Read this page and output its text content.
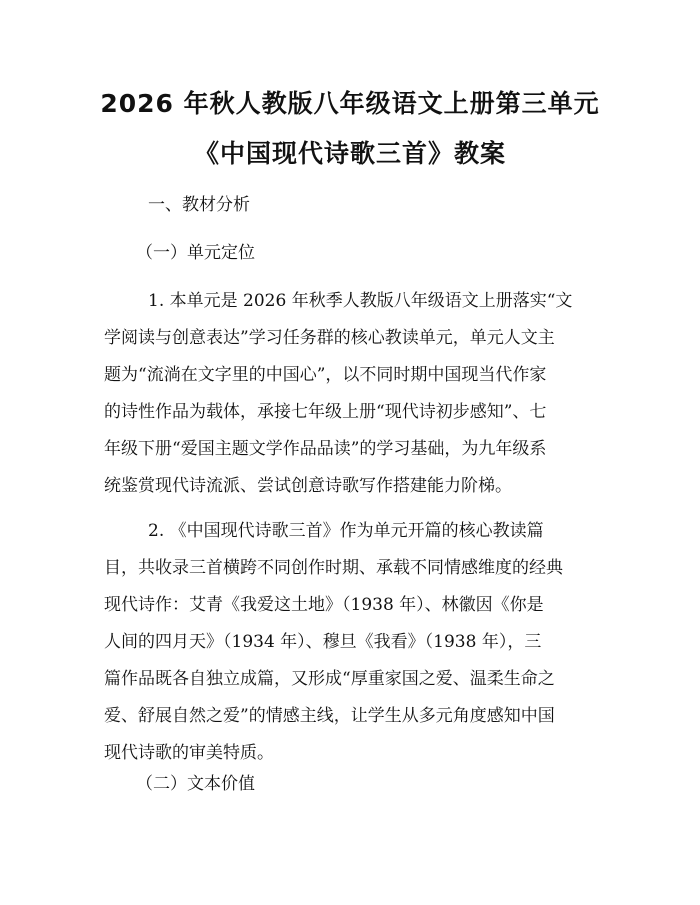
2026 年秋人教版八年级语文上册第三单元
《中国现代诗歌三首》教案
一、教材分析
（一）单元定位
1. 本单元是 2026 年秋季人教版八年级语文上册落实“文
学阅读与创意表达”学习任务群的核心教读单元，单元人文主
题为“流淌在文字里的中国心”，以不同时期中国现当代作家
的诗性作品为载体，承接七年级上册“现代诗初步感知”、七
年级下册“爱国主题文学作品品读”的学习基础，为九年级系
统鉴赏现代诗流派、尝试创意诗歌写作搭建能力阶梯。
2. 《中国现代诗歌三首》作为单元开篇的核心教读篇
目，共收录三首横跨不同创作时期、承载不同情感维度的经典
现代诗作：艾青《我爱这土地》（1938 年）、林徽因《你是
人间的四月天》（1934 年）、穆旦《我看》（1938 年），三
篇作品既各自独立成篇，又形成“厚重家国之爱、温柔生命之
爱、舒展自然之爱”的情感主线，让学生从多元角度感知中国
现代诗歌的审美特质。
（二）文本价值
